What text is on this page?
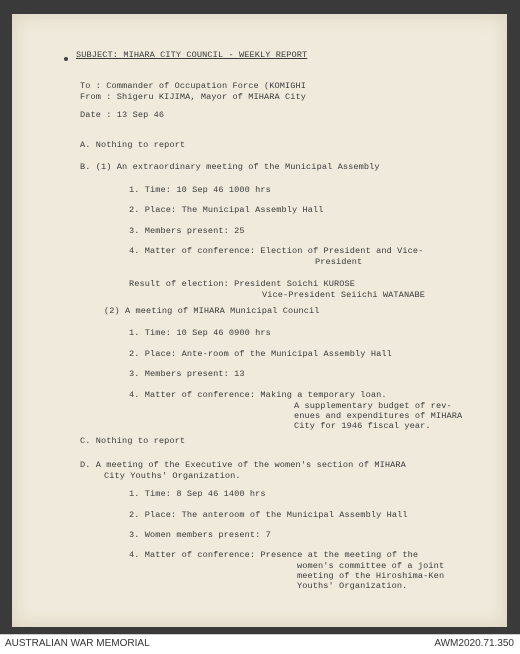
SUBJECT: MIHARA CITY COUNCIL - WEEKLY REPORT
To : Commander of Occupation Force (KOMIGHI
From : Shigeru KIJIMA, Mayor of MIHARA City
Date : 13 Sep 46
A. Nothing to report
B. (1) An extraordinary meeting of the Municipal Assembly
1. Time: 10 Sep 46 1000 hrs
2. Place: The Municipal Assembly Hall
3. Members present: 25
4. Matter of conference: Election of President and Vice-
President
Result of election: President Soichi KUROSE
Vice-President Seiichi WATANABE
(2) A meeting of MIHARA Municipal Council
1. Time: 10 Sep 46 0900 hrs
2. Place: Ante-room of the Municipal Assembly Hall
3. Members present: 13
4. Matter of conference: Making a temporary loan.
A supplementary budget of rev-
enues and expenditures of MIHARA
City for 1946 fiscal year.
C. Nothing to report
D. A meeting of the Executive of the women's section of MIHARA
City Youths' Organization.
1. Time: 8 Sep 46 1400 hrs
2. Place: The anteroom of the Municipal Assembly Hall
3. Women members present: 7
4. Matter of conference: Presence at the meeting of the
women's committee of a joint
meeting of the Hiroshima-Ken
Youths' Organization.
AUSTRALIAN WAR MEMORIAL	AWM2020.71.350
